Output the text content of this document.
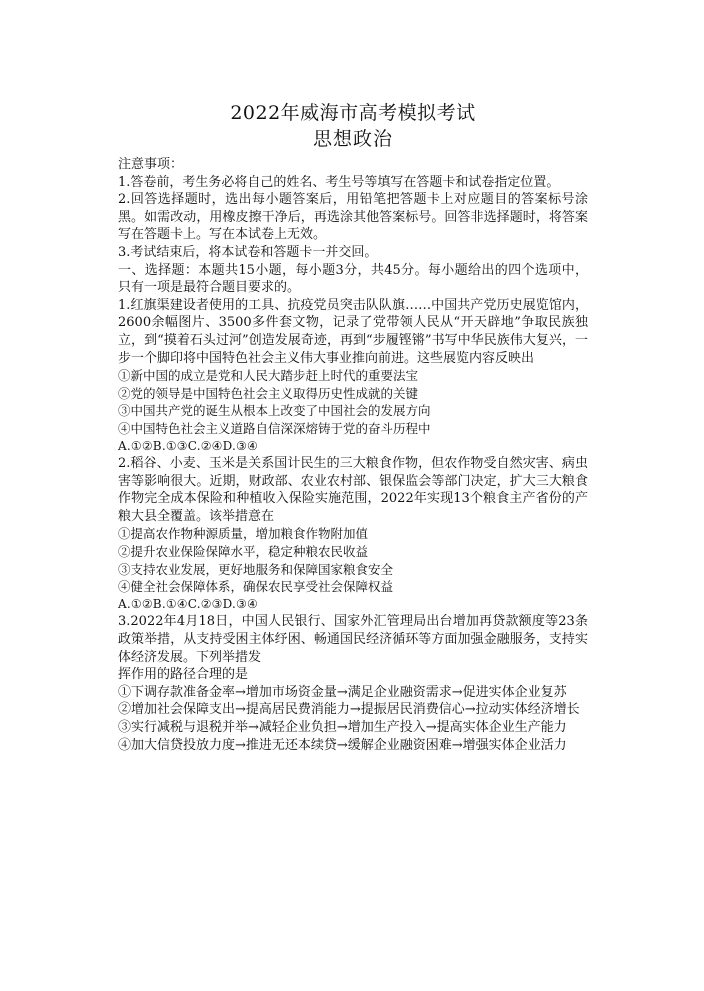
2022年威海市高考模拟考试
思想政治

注意事项：

1.答卷前，考生务必将自己的姓名、考生号等填写在答题卡和试卷指定位置。

2.回答选择题时，选出每小题答案后，用铅笔把答题卡上对应题目的答案标号涂黑。如需改动，用橡皮擦干净后，再选涂其他答案标号。回答非选择题时，将答案写在答题卡上。写在本试卷上无效。

3.考试结束后，将本试卷和答题卡一并交回。

一、选择题：本题共15小题，每小题3分，共45分。每小题给出的四个选项中，只有一项是最符合题目要求的。

1.红旗渠建设者使用的工具、抗疫党员突击队队旗……中国共产党历史展览馆内，2600余幅图片、3500多件套文物，记录了党带领人民从“开天辟地”争取民族独立，到“摸着石头过河”创造发展奇迹，再到“步履铿锵”书写中华民族伟大复兴，一步一个脚印将中国特色社会主义伟大事业推向前进。这些展览内容反映出

①新中国的成立是党和人民大踏步赶上时代的重要法宝

②党的领导是中国特色社会主义取得历史性成就的关键

③中国共产党的诞生从根本上改变了中国社会的发展方向

④中国特色社会主义道路自信深深熔铸于党的奋斗历程中

A.①②B.①③C.②④D.③④

2.稻谷、小麦、玉米是关系国计民生的三大粮食作物，但农作物受自然灾害、病虫害等影响很大。近期，财政部、农业农村部、银保监会等部门决定，扩大三大粮食作物完全成本保险和种植收入保险实施范围，2022年实现13个粮食主产省份的产粮大县全覆盖。该举措意在

①提高农作物种源质量，增加粮食作物附加值

②提升农业保险保障水平，稳定种粮农民收益

③支持农业发展，更好地服务和保障国家粮食安全

④健全社会保障体系，确保农民享受社会保障权益

A.①②B.①④C.②③D.③④

3.2022年4月18日，中国人民银行、国家外汇管理局出台增加再贷款额度等23条政策举措，从支持受困主体纾困、畅通国民经济循环等方面加强金融服务，支持实体经济发展。下列举措发

挥作用的路径合理的是

①下调存款准备金率→增加市场资金量→满足企业融资需求→促进实体企业复苏

②增加社会保障支出→提高居民费消能力→提振居民消费信心→拉动实体经济增长

③实行减税与退税并举→减轻企业负担→增加生产投入→提高实体企业生产能力

④加大信贷投放力度→推进无还本续贷→缓解企业融资困难→增强实体企业活力
